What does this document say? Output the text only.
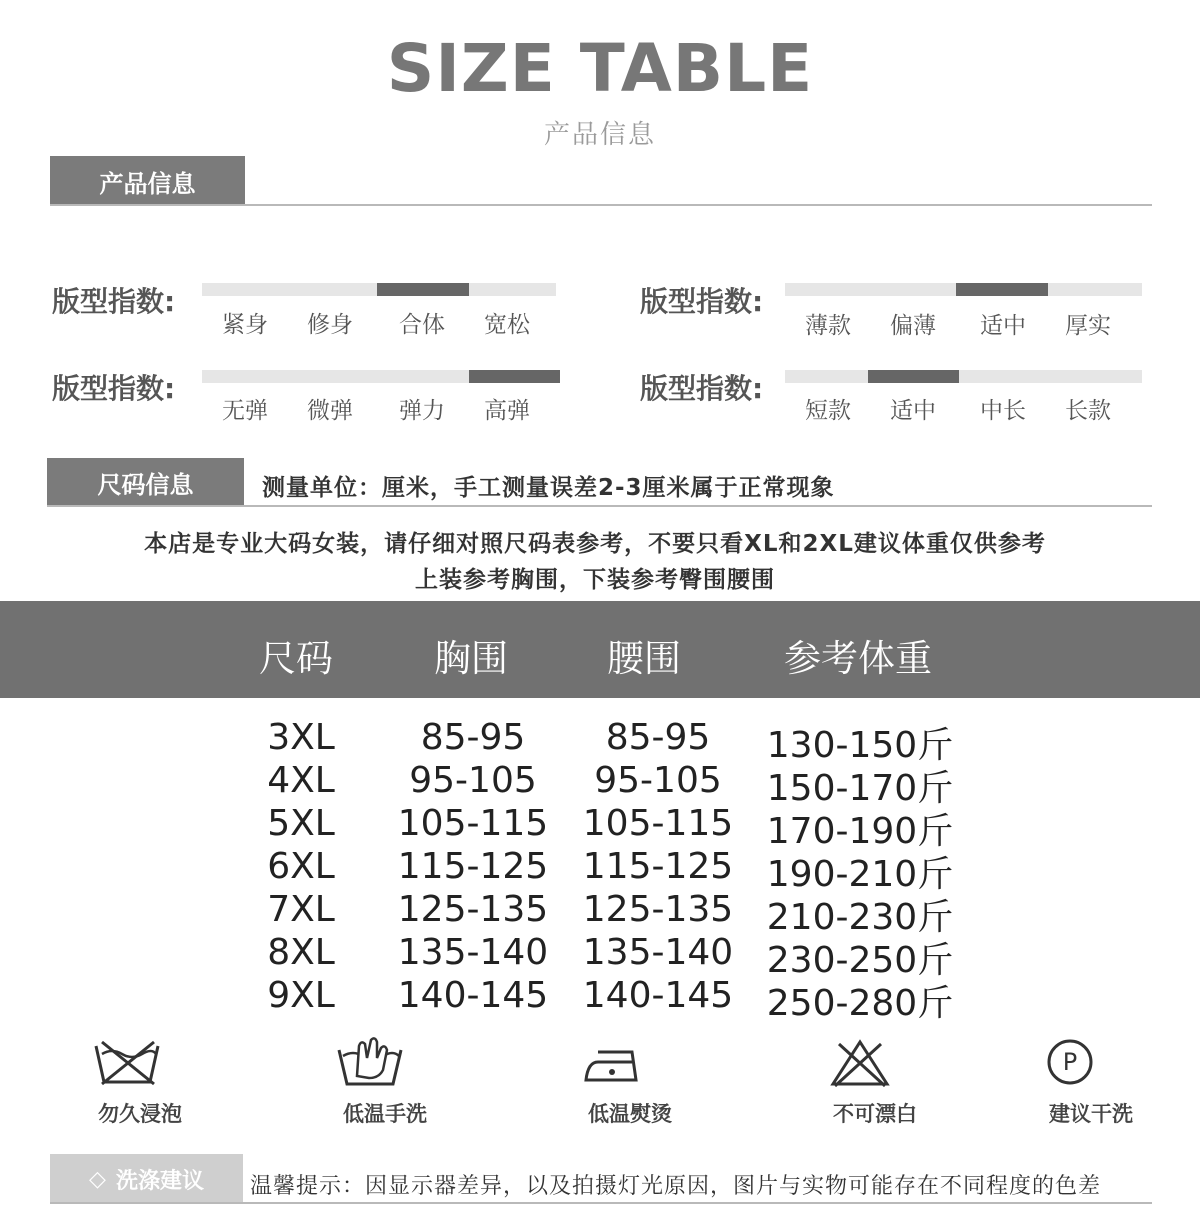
SIZE TABLE
产品信息
产品信息
版型指数:
紧身	修身	合体	宽松
版型指数:
薄款	偏薄	适中	厚实
版型指数:
无弹	微弹	弹力	高弹
版型指数:
短款	适中	中长	长款
尺码信息	测量单位：厘米，手工测量误差2-3厘米属于正常现象
本店是专业大码女装，请仔细对照尺码表参考，不要只看XL和2XL建议体重仅供参考
上装参考胸围，下装参考臀围腰围
尺码	胸围	腰围	参考体重
3XL	85-95	85-95	130-150斤
4XL	95-105	95-105	150-170斤
5XL	105-115 105-115 170-190斤
6XL	115-125 115-125 190-210斤
7XL	125-135 125-135 210-230斤
8XL	135-140 135-140 230-250斤
9XL	140-145 140-145 250-280斤
勿久浸泡	低温手洗	低温熨烫	不可漂白
P
建议干洗
◇ 洗涤建议 温馨提示：因显示器差异，以及拍摄灯光原因，图片与实物可能存在不同程度的色差
